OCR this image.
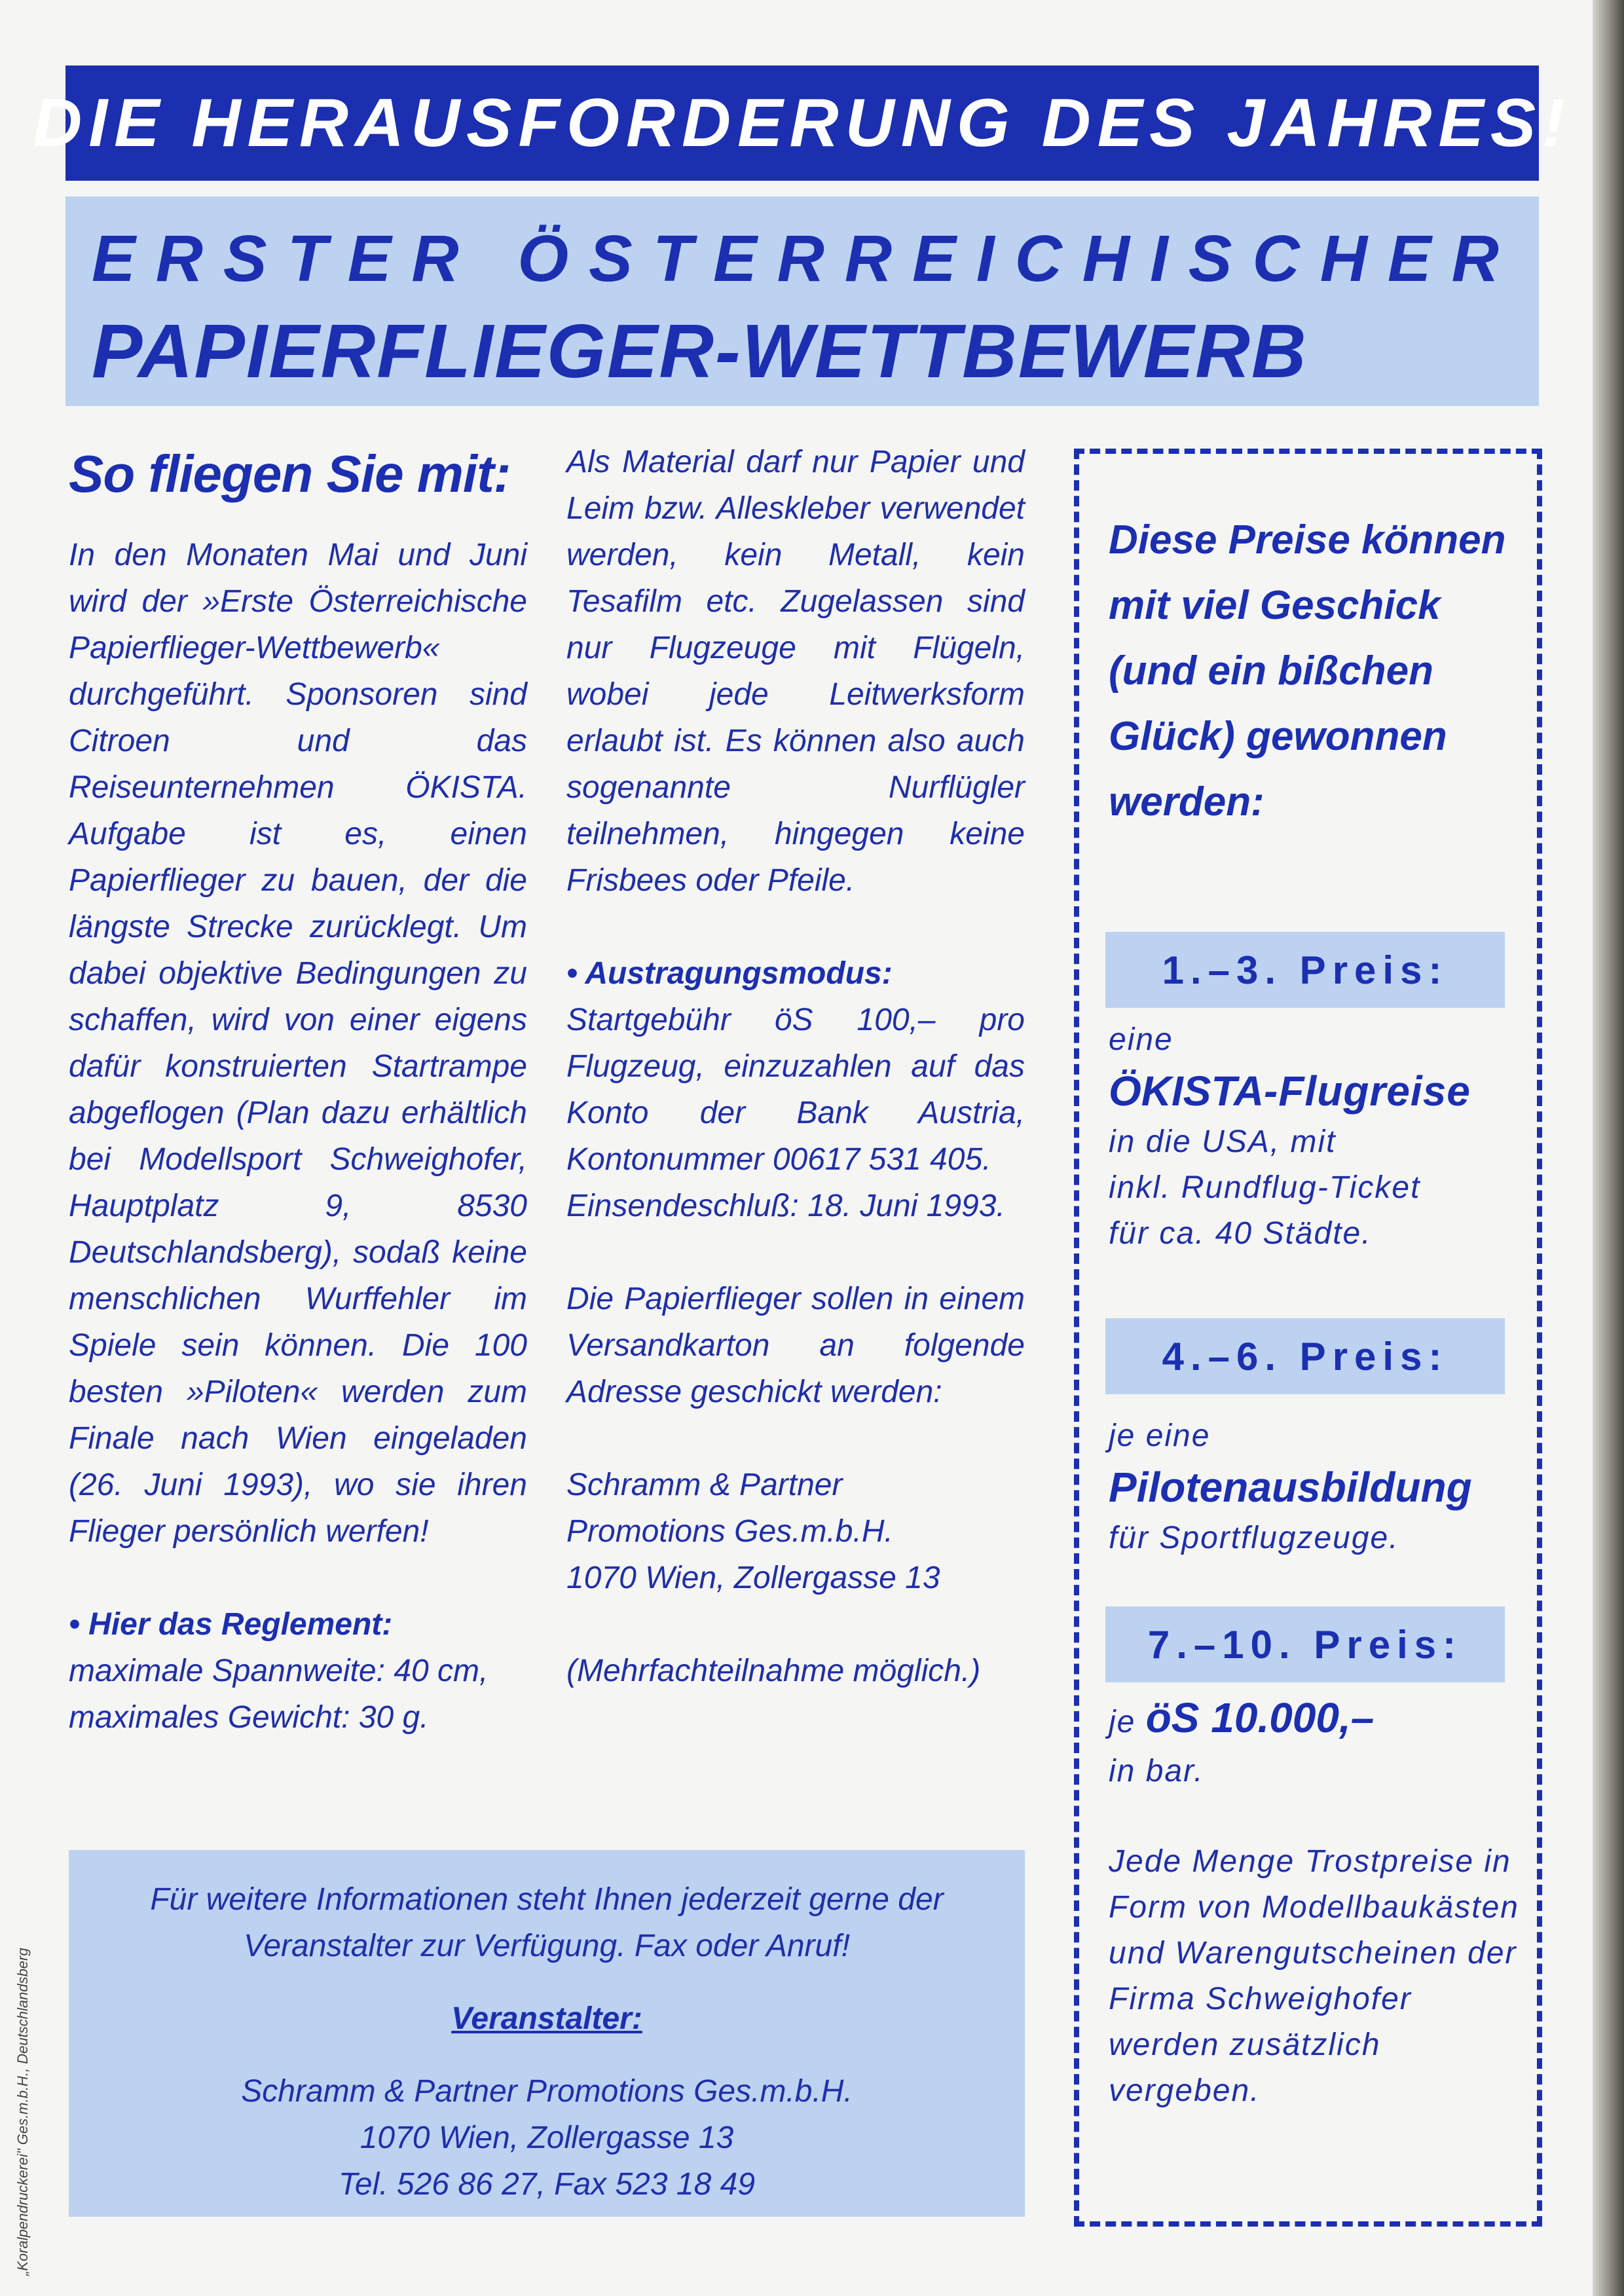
DIE HERAUSFORDERUNG DES JAHRES!
ERSTER ÖSTERREICHISCHER
PAPIERFLIEGER-WETTBEWERB
So fliegen Sie mit:

In den Monaten Mai und Juni wird der »Erste Österreichische Papierflieger-Wettbewerb« durchgeführt. Sponsoren sind Citroen und das Reiseunternehmen ÖKISTA. Aufgabe ist es, einen Papierflieger zu bauen, der die längste Strecke zurücklegt. Um dabei objektive Bedingungen zu schaffen, wird von einer eigens dafür konstruierten Startrampe abgeflogen (Plan dazu erhältlich bei Modellsport Schweighofer, Hauptplatz 9, 8530 Deutschlandsberg), sodaß keine menschlichen Wurffehler im Spiele sein können. Die 100 besten »Piloten« werden zum Finale nach Wien eingeladen (26. Juni 1993), wo sie ihren Flieger persönlich werfen!

• Hier das Reglement:

maximale Spannweite: 40 cm,

maximales Gewicht: 30 g.

Als Material darf nur Papier und Leim bzw. Alleskleber verwendet werden, kein Metall, kein Tesafilm etc. Zugelassen sind nur Flugzeuge mit Flügeln, wobei jede Leitwerksform erlaubt ist. Es können also auch sogenannte Nurflügler teilnehmen, hingegen keine Frisbees oder Pfeile.

• Austragungsmodus:

Startgebühr öS 100,– pro Flugzeug, einzuzahlen auf das Konto der Bank Austria, Kontonummer 00617 531 405.

Einsendeschluß: 18. Juni 1993.

Die Papierflieger sollen in einem Versandkarton an folgende Adresse geschickt werden:

Schramm & Partner

Promotions Ges.m.b.H.

1070 Wien, Zollergasse 13

(Mehrfachteilnahme möglich.)

Für weitere Informationen steht Ihnen jederzeit gerne der

Veranstalter zur Verfügung. Fax oder Anruf!

Veranstalter:

Schramm & Partner Promotions Ges.m.b.H.

1070 Wien, Zollergasse 13

Tel. 526 86 27, Fax 523 18 49

Diese Preise können mit viel Geschick (und ein bißchen Glück) gewonnen werden:

1.–3. Preis:

eine

ÖKISTA-Flugreise

in die USA, mit

inkl. Rundflug-Ticket

für ca. 40 Städte.

4.–6. Preis:

je eine

Pilotenausbildung

für Sportflugzeuge.

7.–10. Preis:

je öS 10.000,–

in bar.

Jede Menge Trostpreise in Form von Modellbaukästen und Warengutscheinen der Firma Schweighofer werden zusätzlich vergeben.

„Koralpendruckerei" Ges.m.b.H., Deutschlandsberg
